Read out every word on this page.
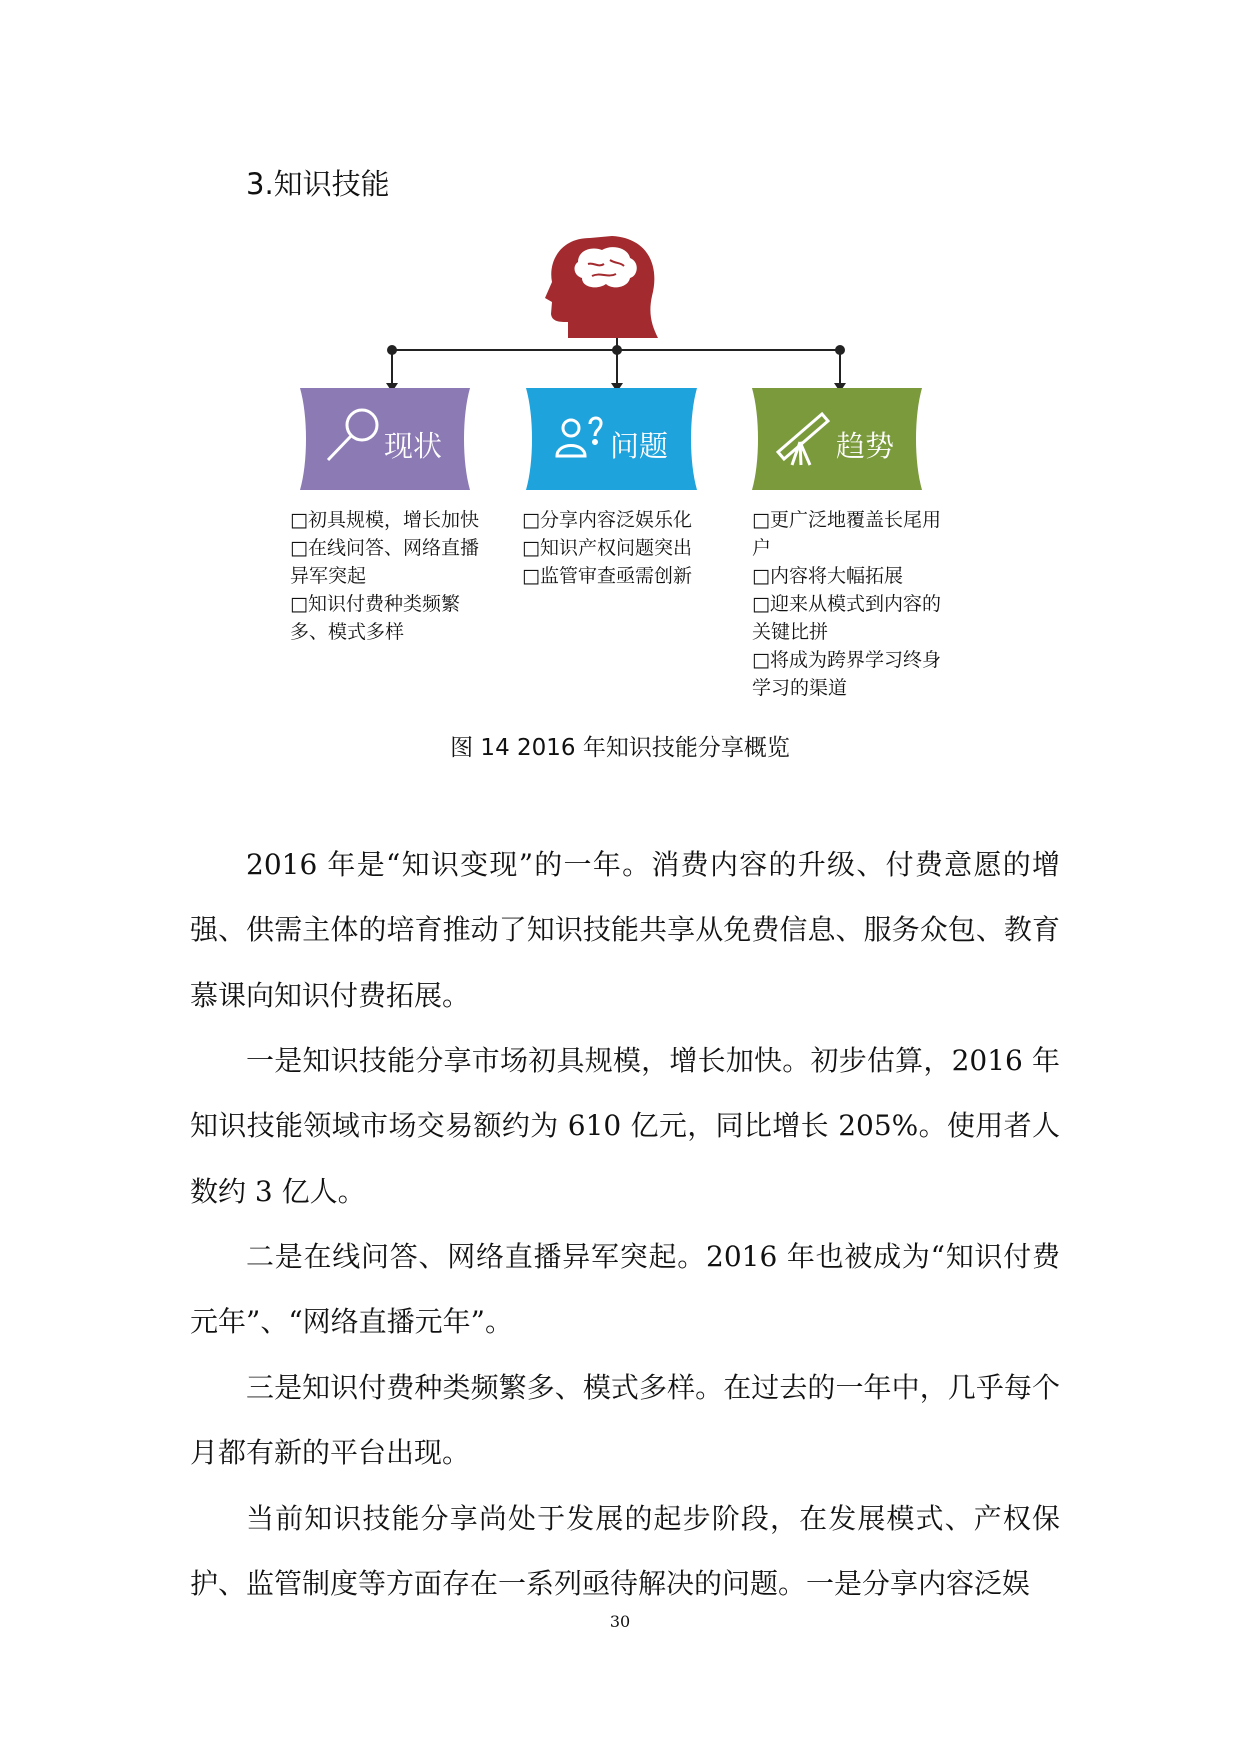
3.知识技能
现状	问题	趋势
□初具规模，增长加快
□在线问答、网络直播异军突起
□知识付费种类频繁多、模式多样
□分享内容泛娱乐化
□知识产权问题突出
□监管审查亟需创新
□更广泛地覆盖长尾用户
□内容将大幅拓展
□迎来从模式到内容的关键比拼
□将成为跨界学习终身学习的渠道
图 14 2016 年知识技能分享概览
2016 年是“知识变现”的一年。消费内容的升级、付费意愿的增强、供需主体的培育推动了知识技能共享从免费信息、服务众包、教育慕课向知识付费拓展。
一是知识技能分享市场初具规模，增长加快。初步估算，2016 年知识技能领域市场交易额约为 610 亿元，同比增长 205%。使用者人数约 3 亿人。
二是在线问答、网络直播异军突起。2016 年也被成为“知识付费元年”、“网络直播元年”。
三是知识付费种类频繁多、模式多样。在过去的一年中，几乎每个月都有新的平台出现。
当前知识技能分享尚处于发展的起步阶段，在发展模式、产权保护、监管制度等方面存在一系列亟待解决的问题。一是分享内容泛娱
30
